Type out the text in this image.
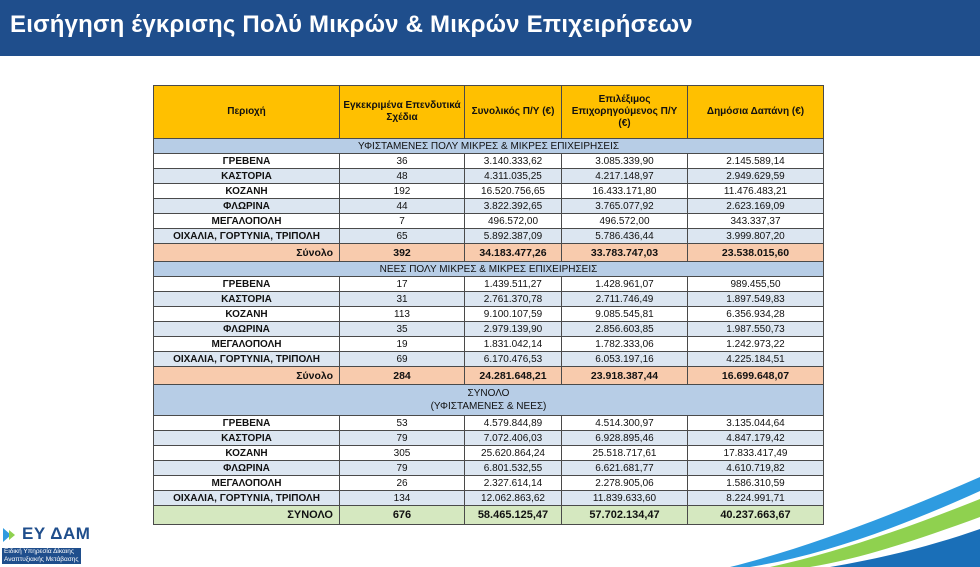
Εισήγηση έγκρισης Πολύ Μικρών & Μικρών Επιχειρήσεων
Περιοχή	Εγκεκριμένα Επενδυτικά Σχέδια	Συνολικός Π/Υ (€)	Επιλέξιμος Επιχορηγούμενος Π/Υ (€)	Δημόσια Δαπάνη (€)

ΥΦΙΣΤΑΜΕΝΕΣ ΠΟΛΥ ΜΙΚΡΕΣ & ΜΙΚΡΕΣ ΕΠΙΧΕΙΡΗΣΕΙΣ				

ΓΡΕΒΕΝΑ	36	3.140.333,62	3.085.339,90	2.145.589,14
ΚΑΣΤΟΡΙΑ	48	4.311.035,25	4.217.148,97	2.949.629,59
ΚΟΖΑΝΗ	192	16.520.756,65	16.433.171,80	11.476.483,21
ΦΛΩΡΙΝΑ	44	3.822.392,65	3.765.077,92	2.623.169,09
ΜΕΓΑΛΟΠΟΛΗ	7	496.572,00	496.572,00	343.337,37
ΟΙΧΑΛΙΑ, ΓΟΡΤΥΝΙΑ, ΤΡΙΠΟΛΗ	65	5.892.387,09	5.786.436,44	3.999.807,20
Σύνολο	392	34.183.477,26	33.783.747,03	23.538.015,60

ΝΕΕΣ ΠΟΛΥ ΜΙΚΡΕΣ & ΜΙΚΡΕΣ ΕΠΙΧΕΙΡΗΣΕΙΣ				

ΓΡΕΒΕΝΑ	17	1.439.511,27	1.428.961,07	989.455,50
ΚΑΣΤΟΡΙΑ	31	2.761.370,78	2.711.746,49	1.897.549,83
ΚΟΖΑΝΗ	113	9.100.107,59	9.085.545,81	6.356.934,28
ΦΛΩΡΙΝΑ	35	2.979.139,90	2.856.603,85	1.987.550,73
ΜΕΓΑΛΟΠΟΛΗ	19	1.831.042,14	1.782.333,06	1.242.973,22
ΟΙΧΑΛΙΑ, ΓΟΡΤΥΝΙΑ, ΤΡΙΠΟΛΗ	69	6.170.476,53	6.053.197,16	4.225.184,51
Σύνολο	284	24.281.648,21	23.918.387,44	16.699.648,07

ΣΥΝΟΛΟ
(ΥΦΙΣΤΑΜΕΝΕΣ & ΝΕΕΣ)				

ΓΡΕΒΕΝΑ	53	4.579.844,89	4.514.300,97	3.135.044,64
ΚΑΣΤΟΡΙΑ	79	7.072.406,03	6.928.895,46	4.847.179,42
ΚΟΖΑΝΗ	305	25.620.864,24	25.518.717,61	17.833.417,49
ΦΛΩΡΙΝΑ	79	6.801.532,55	6.621.681,77	4.610.719,82
ΜΕΓΑΛΟΠΟΛΗ	26	2.327.614,14	2.278.905,06	1.586.310,59
ΟΙΧΑΛΙΑ, ΓΟΡΤΥΝΙΑ, ΤΡΙΠΟΛΗ	134	12.062.863,62	11.839.633,60	8.224.991,71
ΣΥΝΟΛΟ	676	58.465.125,47	57.702.134,47	40.237.663,67
ΕΥ ΔΑΜ
Ειδική Υπηρεσία Δίκαιης
Αναπτυξιακής Μετάβασης
